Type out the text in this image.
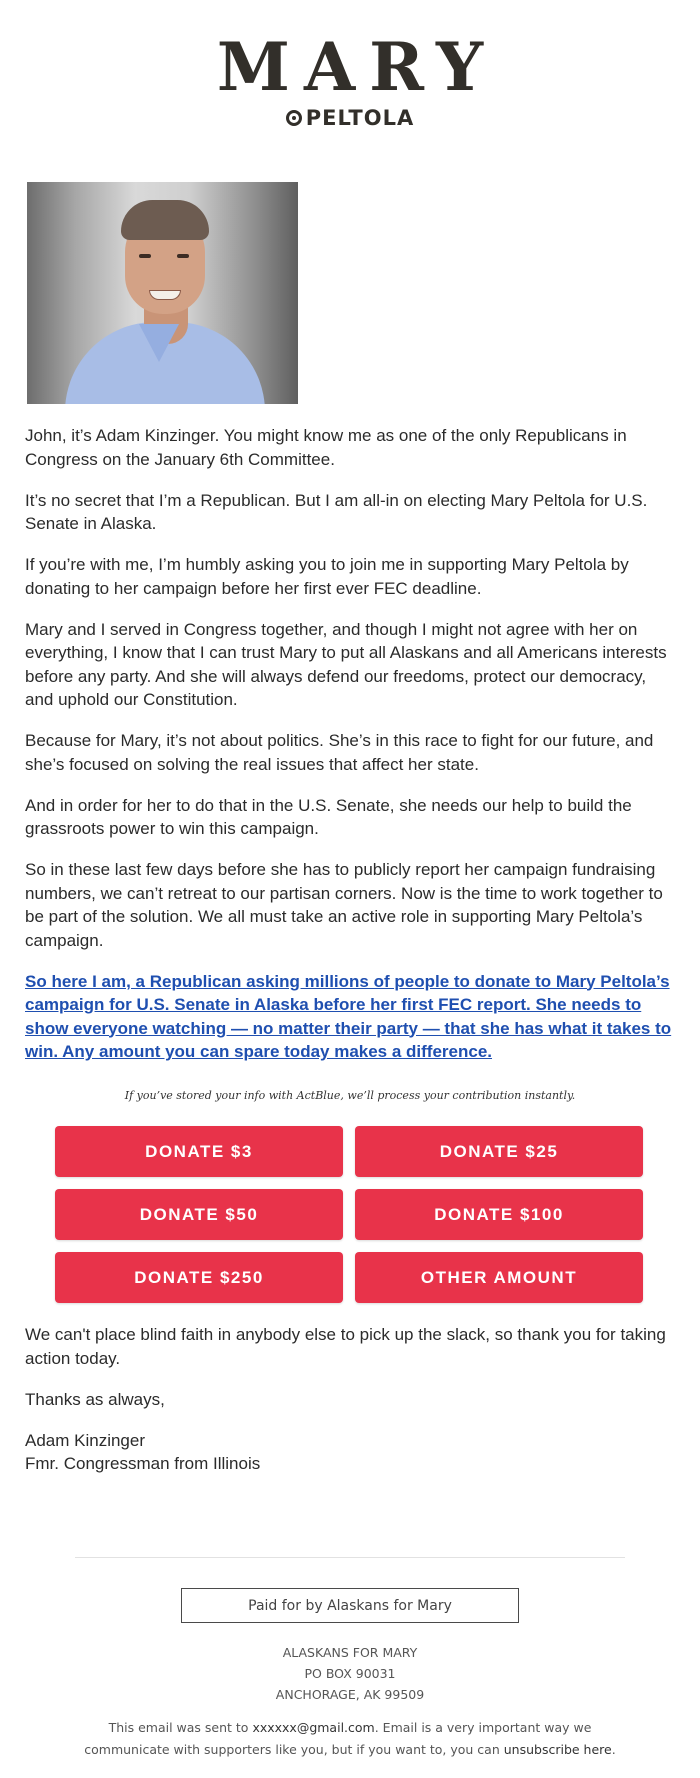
MARY
PELTOLA

John, it’s Adam Kinzinger. You might know me as one of the only Republicans in Congress on the January 6th Committee.

It’s no secret that I’m a Republican. But I am all-in on electing Mary Peltola for U.S. Senate in Alaska.

If you’re with me, I’m humbly asking you to join me in supporting Mary Peltola by donating to her campaign before her first ever FEC deadline.

Mary and I served in Congress together, and though I might not agree with her on everything, I know that I can trust Mary to put all Alaskans and all Americans interests before any party. And she will always defend our freedoms, protect our democracy, and uphold our Constitution.

Because for Mary, it’s not about politics. She’s in this race to fight for our future, and she’s focused on solving the real issues that affect her state.

And in order for her to do that in the U.S. Senate, she needs our help to build the grassroots power to win this campaign.

So in these last few days before she has to publicly report her campaign fundraising numbers, we can’t retreat to our partisan corners. Now is the time to work together to be part of the solution. We all must take an active role in supporting Mary Peltola’s campaign.

So here I am, a Republican asking millions of people to donate to Mary Peltola’s campaign for U.S. Senate in Alaska before her first FEC report. She needs to show everyone watching — no matter their party — that she has what it takes to win. Any amount you can spare today makes a difference.

If you’ve stored your info with ActBlue, we’ll process your contribution instantly.

DONATE $3	DONATE $25
DONATE $50	DONATE $100
DONATE $250	OTHER AMOUNT

We can't place blind faith in anybody else to pick up the slack, so thank you for taking action today.

Thanks as always,

Adam Kinzinger
Fmr. Congressman from Illinois
Paid for by Alaskans for Mary
ALASKANS FOR MARY
PO BOX 90031
ANCHORAGE, AK 99509
This email was sent to xxxxxx@gmail.com. Email is a very important way we communicate with supporters like you, but if you want to, you can unsubscribe here.
